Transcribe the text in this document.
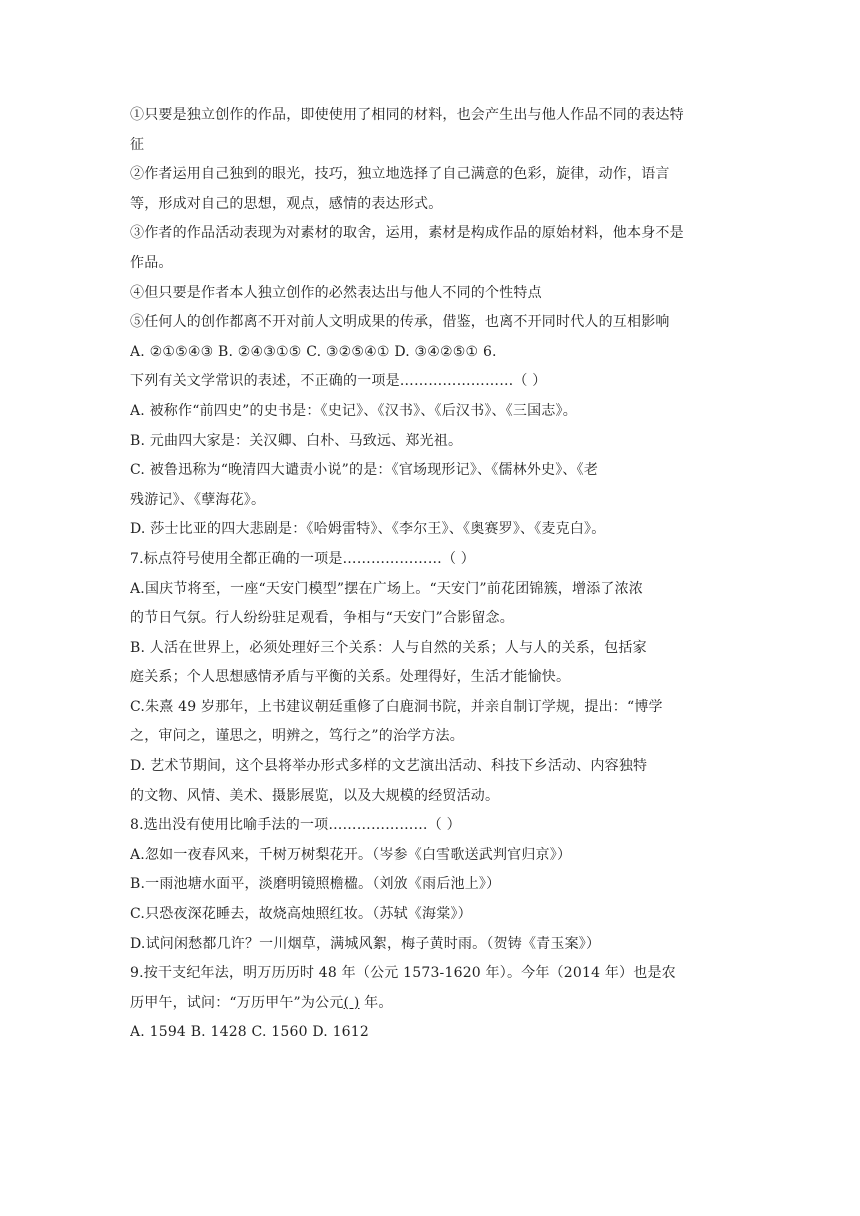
①只要是独立创作的作品，即使使用了相同的材料，也会产生出与他人作品不同的表达特
征
②作者运用自己独到的眼光，技巧，独立地选择了自己满意的色彩，旋律，动作，语言
等，形成对自己的思想，观点，感情的表达形式。
③作者的作品活动表现为对素材的取舍，运用，素材是构成作品的原始材料，他本身不是
作品。
④但只要是作者本人独立创作的必然表达出与他人不同的个性特点
⑤任何人的创作都离不开对前人文明成果的传承，借鉴，也离不开同时代人的互相影响
A. ②①⑤④③ B. ②④③①⑤ C. ③②⑤④① D. ③④②⑤① 6.
下列有关文学常识的表述，不正确的一项是……………………（ ）
A. 被称作“前四史”的史书是：《史记》、《汉书》、《后汉书》、《三国志》。
B. 元曲四大家是：关汉卿、白朴、马致远、郑光祖。
C. 被鲁迅称为“晚清四大谴责小说”的是：《官场现形记》、《儒林外史》、《老
残游记》、《孽海花》。
D. 莎士比亚的四大悲剧是：《哈姆雷特》、《李尔王》、《奥赛罗》、《麦克白》。
7.标点符号使用全都正确的一项是…………………（ ）
A.国庆节将至，一座“天安门模型”摆在广场上。“天安门”前花团锦簇，增添了浓浓
的节日气氛。行人纷纷驻足观看，争相与“天安门”合影留念。
B. 人活在世界上，必须处理好三个关系：人与自然的关系；人与人的关系，包括家
庭关系；个人思想感情矛盾与平衡的关系。处理得好，生活才能愉快。
C.朱熹 49 岁那年，上书建议朝廷重修了白鹿洞书院，并亲自制订学规，提出：“博学
之，审问之，谨思之，明辨之，笃行之”的治学方法。
D. 艺术节期间，这个县将举办形式多样的文艺演出活动、科技下乡活动、内容独特
的文物、风情、美术、摄影展览，以及大规模的经贸活动。
8.选出没有使用比喻手法的一项…………………（ ）
A.忽如一夜春风来，千树万树梨花开。（岑参《白雪歌送武判官归京》）
B.一雨池塘水面平，淡磨明镜照檐楹。（刘攽《雨后池上》）
C.只恐夜深花睡去，故烧高烛照红妆。（苏轼《海棠》）
D.试问闲愁都几许？一川烟草，满城风絮，梅子黄时雨。（贺铸《青玉案》）
9.按干支纪年法，明万历历时 48 年（公元 1573-1620 年）。今年（2014 年）也是农
历甲午，试问：“万历甲午”为公元( ) 年。
A. 1594 B. 1428 C. 1560 D. 1612
